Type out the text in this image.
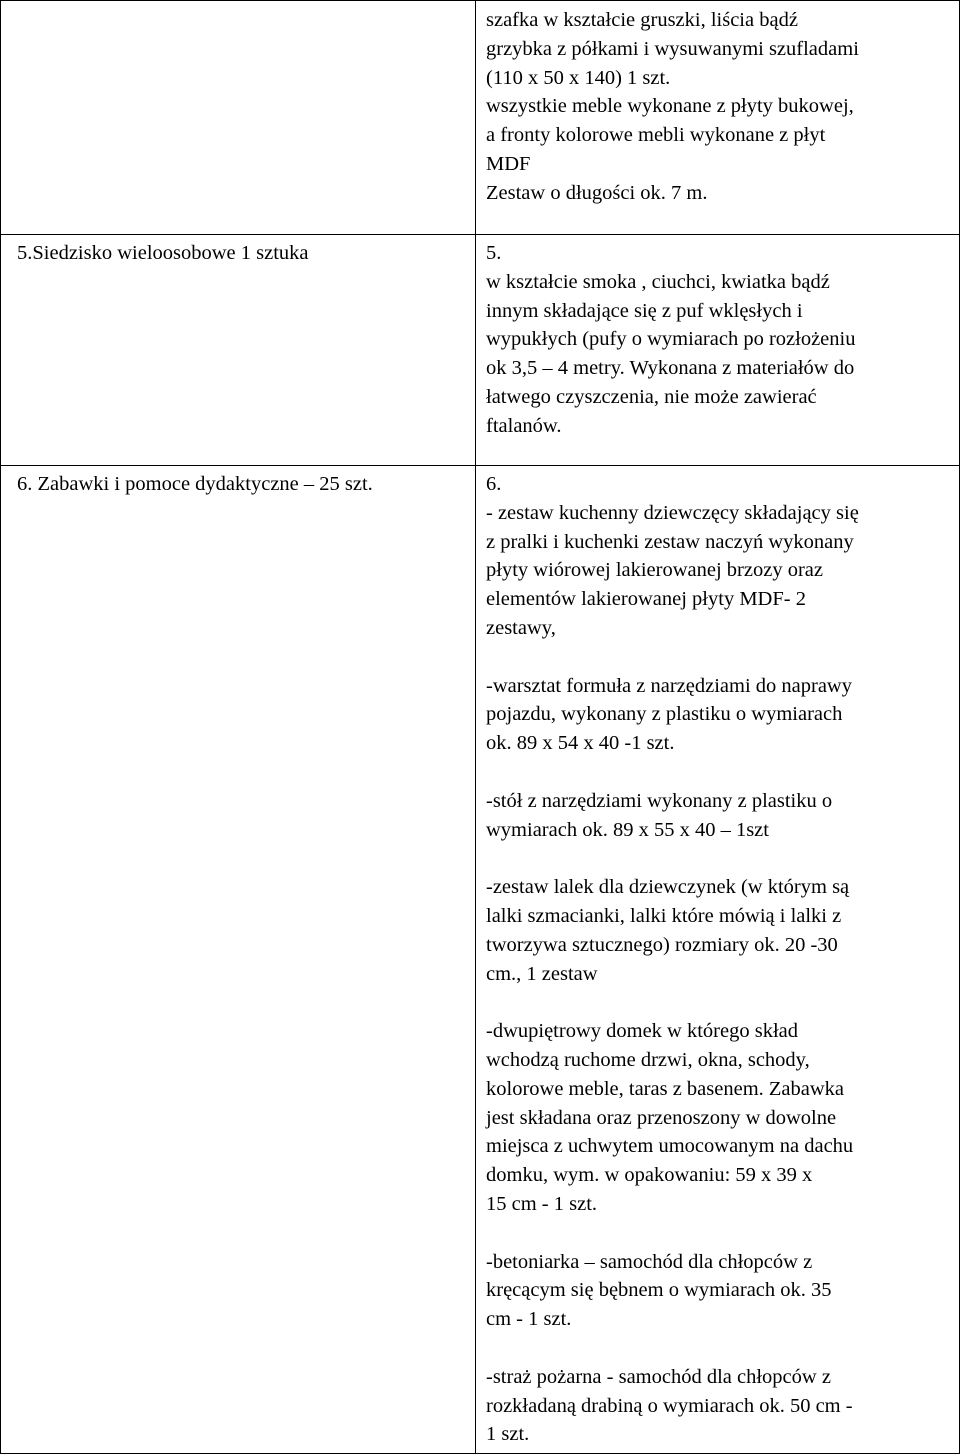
szafka w kształcie gruszki, liścia bądź
grzybka z półkami i wysuwanymi szufladami
(110 x 50 x 140) 1 szt.
wszystkie meble wykonane z płyty bukowej,
a fronty kolorowe mebli wykonane z płyt
MDF
Zestaw o długości ok. 7 m.
5.Siedzisko wieloosobowe 1 sztuka	5.
w kształcie smoka , ciuchci, kwiatka bądź
innym składające się z puf wklęsłych i
wypukłych (pufy o wymiarach po rozłożeniu
ok 3,5 – 4 metry. Wykonana z materiałów do
łatwego czyszczenia, nie może zawierać
ftalanów.
6. Zabawki i pomoce dydaktyczne – 25 szt.	6.
- zestaw kuchenny dziewczęcy składający się
z pralki i kuchenki zestaw naczyń wykonany
płyty wiórowej lakierowanej brzozy oraz
elementów lakierowanej płyty MDF- 2
zestawy,
-warsztat formuła z narzędziami do naprawy
pojazdu, wykonany z plastiku o wymiarach
ok. 89 x 54 x 40 -1 szt.
-stół z narzędziami wykonany z plastiku o
wymiarach ok. 89 x 55 x 40 – 1szt
-zestaw lalek dla dziewczynek (w którym są
lalki szmacianki, lalki które mówią i lalki z
tworzywa sztucznego) rozmiary ok. 20 -30
cm., 1 zestaw
-dwupiętrowy domek w którego skład
wchodzą ruchome drzwi, okna, schody,
kolorowe meble, taras z basenem. Zabawka
jest składana oraz przenoszony w dowolne
miejsca z uchwytem umocowanym na dachu
domku, wym. w opakowaniu: 59 x 39 x
15 cm - 1 szt.
-betoniarka – samochód dla chłopców z
kręcącym się bębnem o wymiarach ok. 35
cm - 1 szt.
-straż pożarna - samochód dla chłopców z
rozkładaną drabiną o wymiarach ok. 50 cm -
1 szt.
